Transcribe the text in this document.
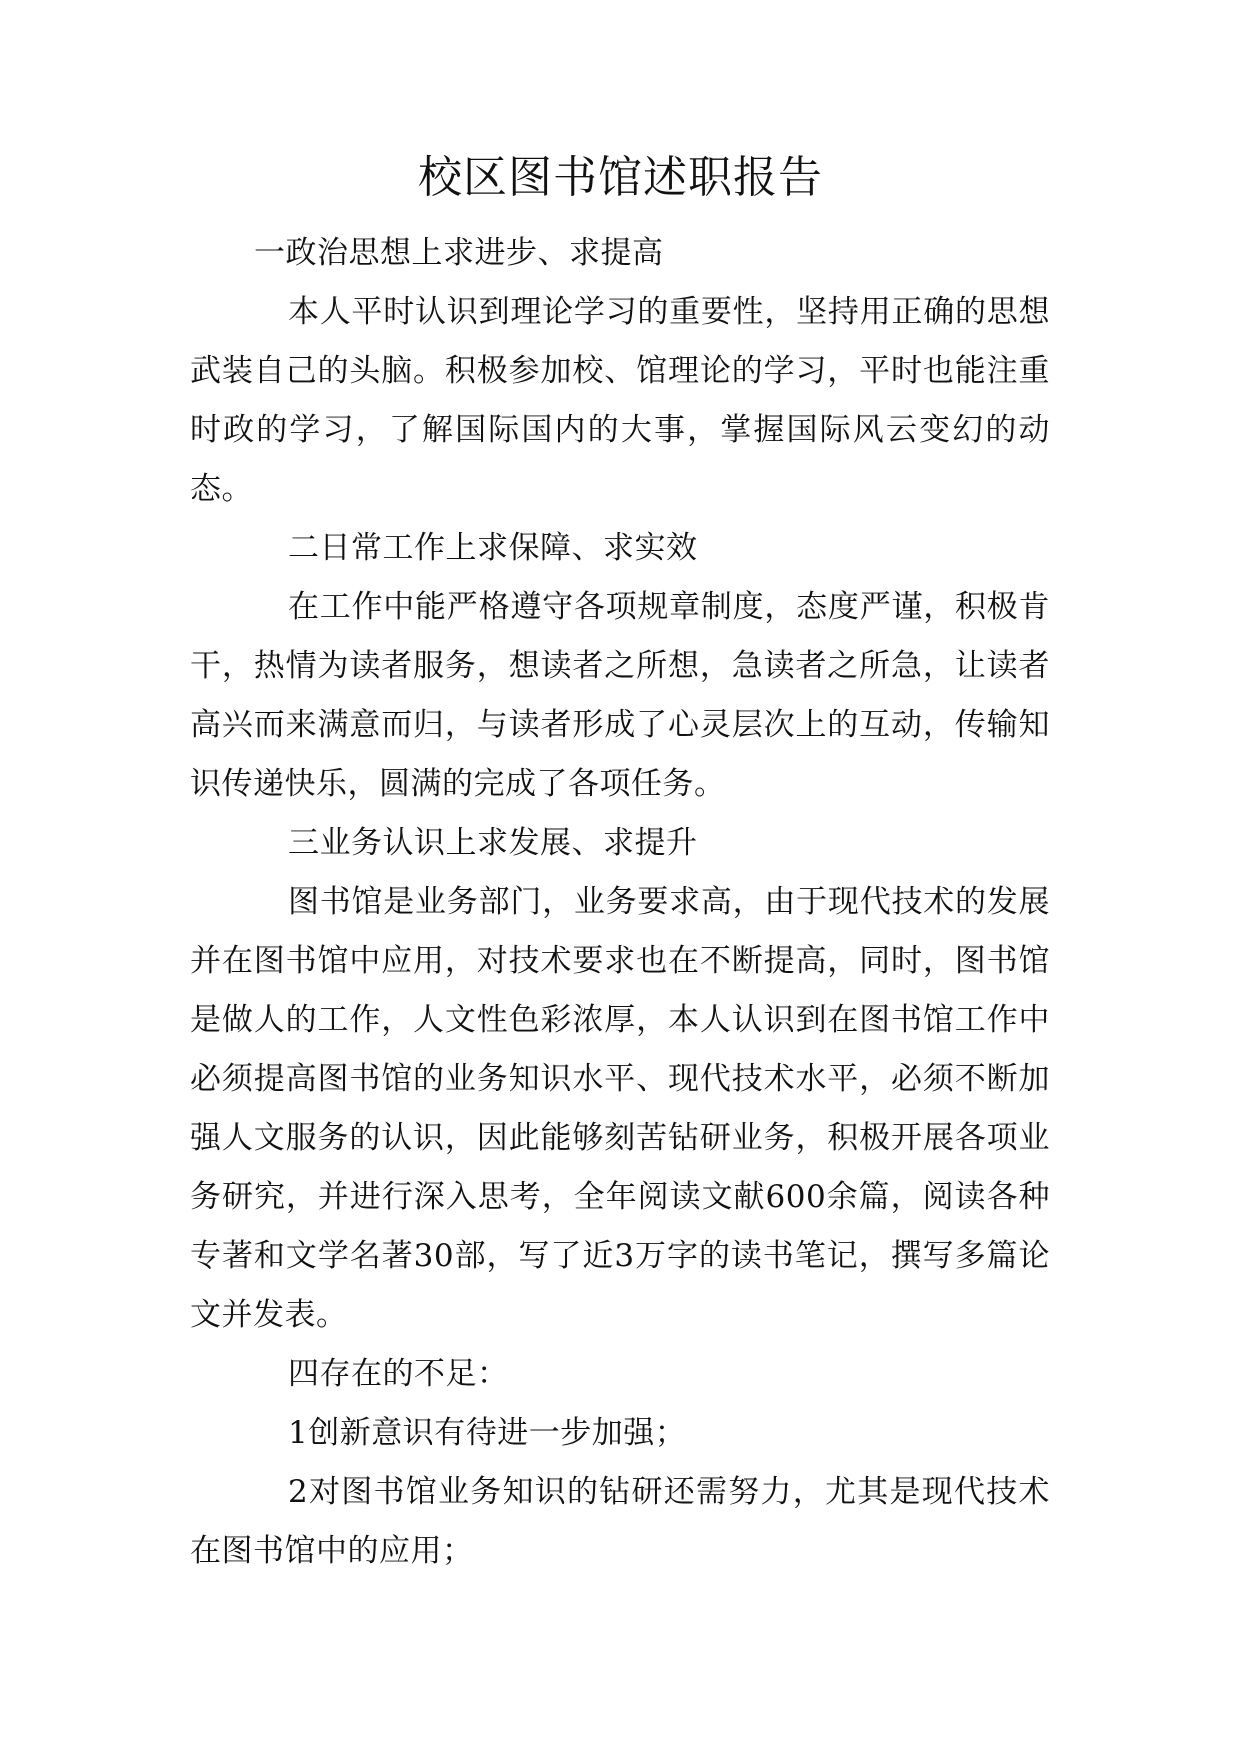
校区图书馆述职报告

一政治思想上求进步、求提高

本人平时认识到理论学习的重要性，坚持用正确的思想武装自己的头脑。积极参加校、馆理论的学习，平时也能注重时政的学习，了解国际国内的大事，掌握国际风云变幻的动态。

二日常工作上求保障、求实效

在工作中能严格遵守各项规章制度，态度严谨，积极肯干，热情为读者服务，想读者之所想，急读者之所急，让读者高兴而来满意而归，与读者形成了心灵层次上的互动，传输知识传递快乐，圆满的完成了各项任务。

三业务认识上求发展、求提升

图书馆是业务部门，业务要求高，由于现代技术的发展并在图书馆中应用，对技术要求也在不断提高，同时，图书馆是做人的工作，人文性色彩浓厚，本人认识到在图书馆工作中必须提高图书馆的业务知识水平、现代技术水平，必须不断加强人文服务的认识，因此能够刻苦钻研业务，积极开展各项业务研究，并进行深入思考，全年阅读文献600余篇，阅读各种专著和文学名著30部，写了近3万字的读书笔记，撰写多篇论文并发表。

四存在的不足：

1创新意识有待进一步加强；

2对图书馆业务知识的钻研还需努力，尤其是现代技术在图书馆中的应用；
